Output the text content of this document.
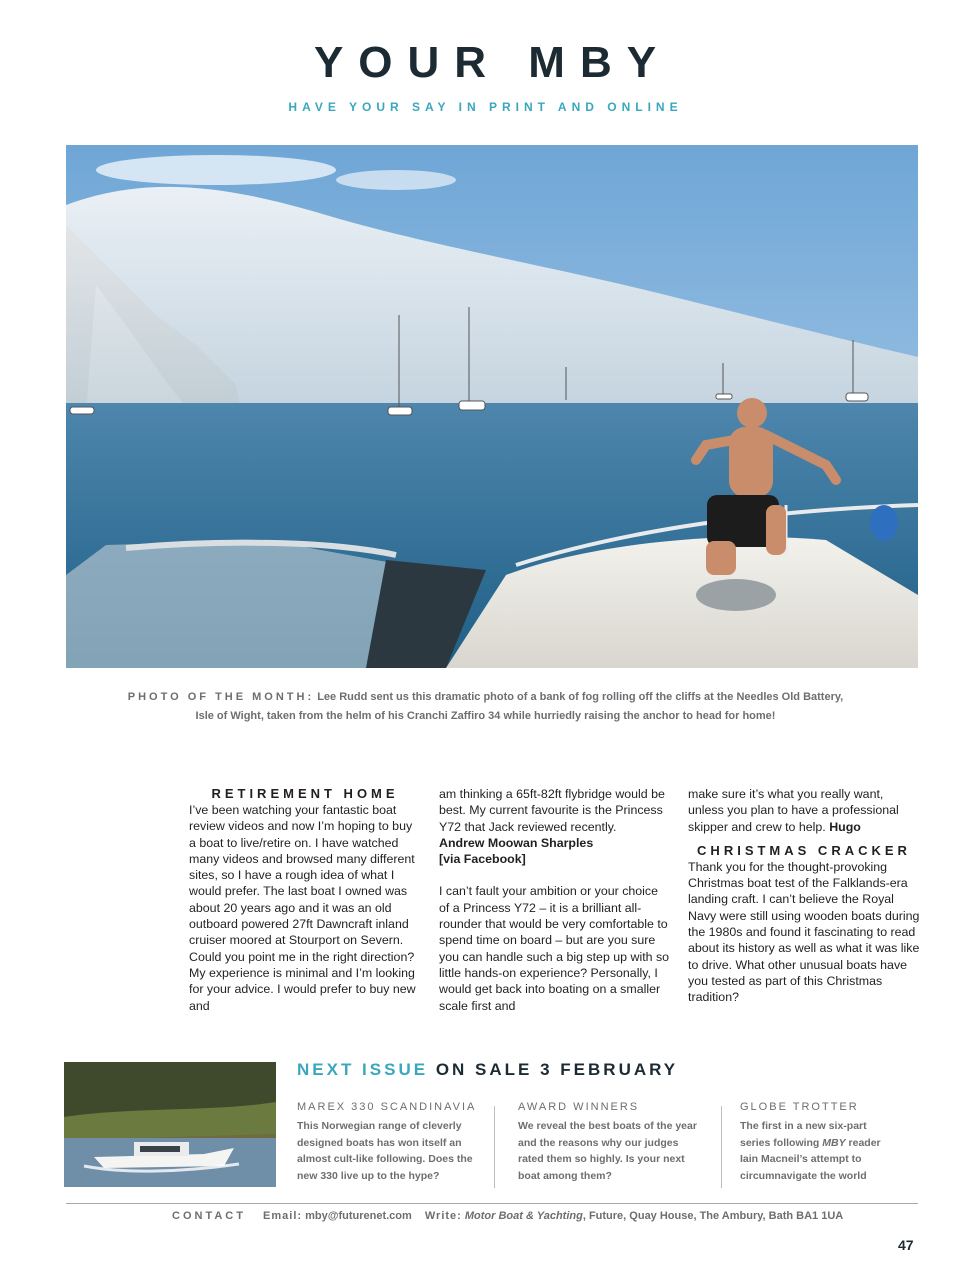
YOUR MBY
HAVE YOUR SAY IN PRINT AND ONLINE
PHOTO OF THE MONTH: Lee Rudd sent us this dramatic photo of a bank of fog rolling off the cliffs at the Needles Old Battery, Isle of Wight, taken from the helm of his Cranchi Zaffiro 34 while hurriedly raising the anchor to head for home!

RETIREMENT HOME

I’ve been watching your fantastic boat review videos and now I’m hoping to buy a boat to live/retire on. I have watched many videos and browsed many different sites, so I have a rough idea of what I would prefer. The last boat I owned was about 20 years ago and it was an old outboard powered 27ft Dawncraft inland cruiser moored at Stourport on Severn. Could you point me in the right direction? My experience is minimal and I’m looking for your advice. I would prefer to buy new and

am thinking a 65ft-82ft flybridge would be best. My current favourite is the Princess Y72 that Jack reviewed recently.

Andrew Moowan Sharples

[via Facebook]

I can’t fault your ambition or your choice of a Princess Y72 – it is a brilliant all-rounder that would be very comfortable to spend time on board – but are you sure you can handle such a big step up with so little hands-on experience? Personally, I would get back into boating on a smaller scale first and

make sure it’s what you really want, unless you plan to have a professional skipper and crew to help. Hugo

CHRISTMAS CRACKER

Thank you for the thought-provoking Christmas boat test of the Falklands-era landing craft. I can’t believe the Royal Navy were still using wooden boats during the 1980s and found it fascinating to read about its history as well as what it was like to drive. What other unusual boats have you tested as part of this Christmas tradition?

NEXT ISSUE ON SALE 3 FEBRUARY
MAREX 330 SCANDINAVIA
This Norwegian range of cleverly designed boats has won itself an almost cult-like following. Does the new 330 live up to the hype?
AWARD WINNERS
We reveal the best boats of the year and the reasons why our judges rated them so highly. Is your next boat among them?
GLOBE TROTTER
The first in a new six-part series following MBY reader Iain Macneil’s attempt to circumnavigate the world
CONTACT Email: mby@futurenet.com Write: Motor Boat & Yachting, Future, Quay House, The Ambury, Bath BA1 1UA
47
